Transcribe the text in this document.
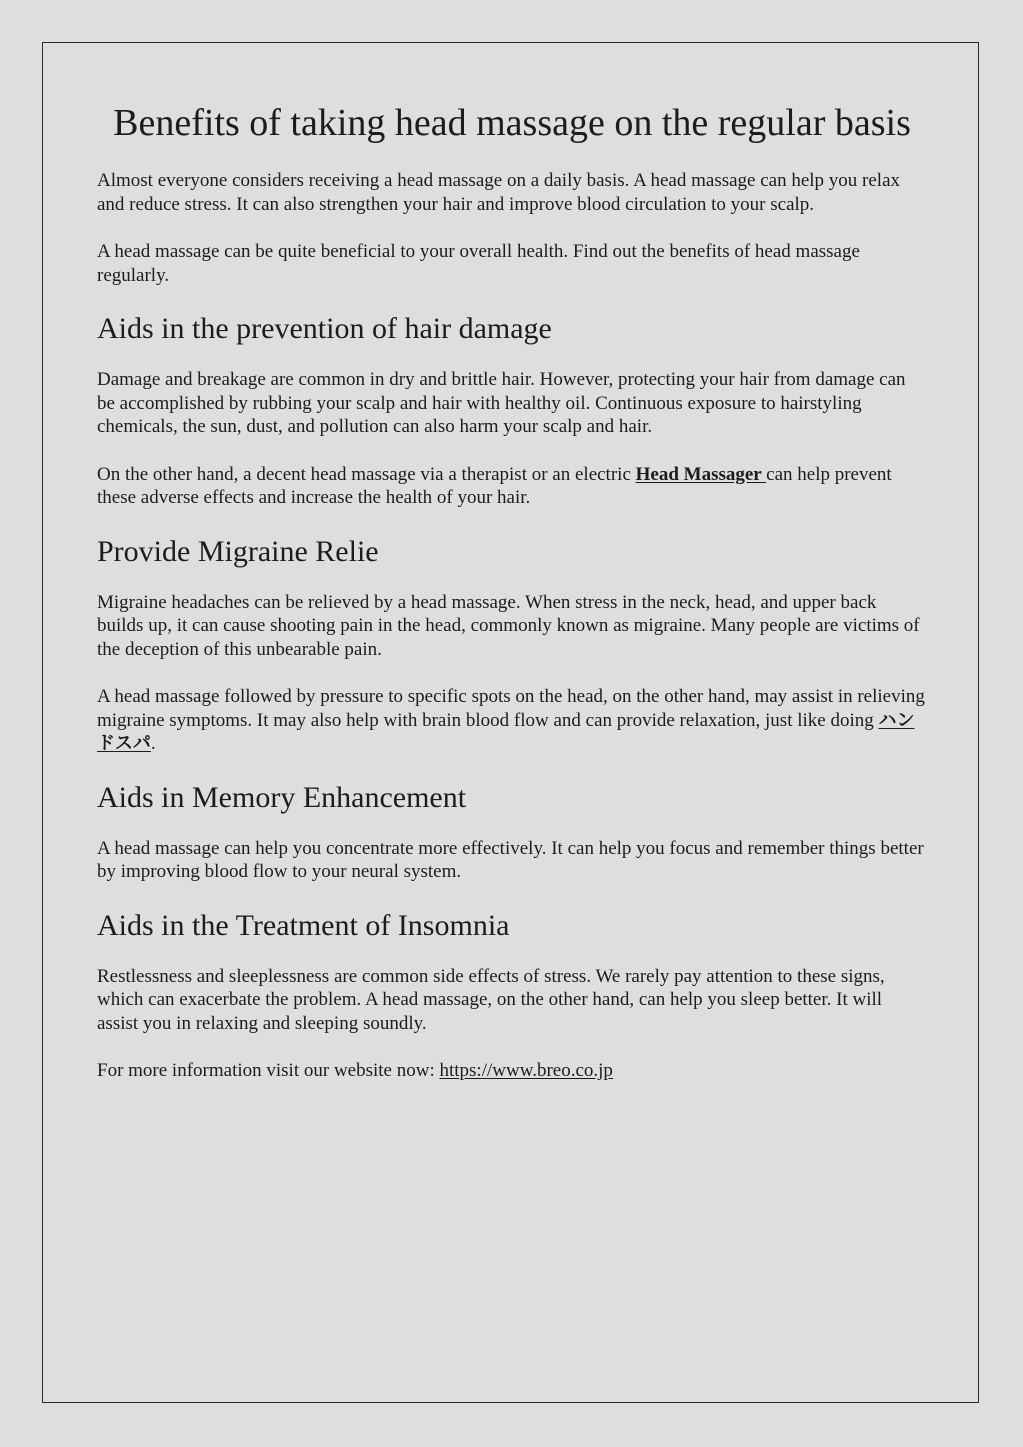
Benefits of taking head massage on the regular basis

Almost everyone considers receiving a head massage on a daily basis. A head massage can help you relax and reduce stress. It can also strengthen your hair and improve blood circulation to your scalp.

A head massage can be quite beneficial to your overall health. Find out the benefits of head massage regularly.

Aids in the prevention of hair damage

Damage and breakage are common in dry and brittle hair. However, protecting your hair from damage can be accomplished by rubbing your scalp and hair with healthy oil. Continuous exposure to hairstyling chemicals, the sun, dust, and pollution can also harm your scalp and hair.

On the other hand, a decent head massage via a therapist or an electric Head Massager can help prevent these adverse effects and increase the health of your hair.

Provide Migraine Relie

Migraine headaches can be relieved by a head massage. When stress in the neck, head, and upper back builds up, it can cause shooting pain in the head, commonly known as migraine. Many people are victims of the deception of this unbearable pain.

A head massage followed by pressure to specific spots on the head, on the other hand, may assist in relieving migraine symptoms. It may also help with brain blood flow and can provide relaxation, just like doing ハンドスパ.

Aids in Memory Enhancement

A head massage can help you concentrate more effectively. It can help you focus and remember things better by improving blood flow to your neural system.

Aids in the Treatment of Insomnia

Restlessness and sleeplessness are common side effects of stress. We rarely pay attention to these signs, which can exacerbate the problem. A head massage, on the other hand, can help you sleep better. It will assist you in relaxing and sleeping soundly.

For more information visit our website now: https://www.breo.co.jp
